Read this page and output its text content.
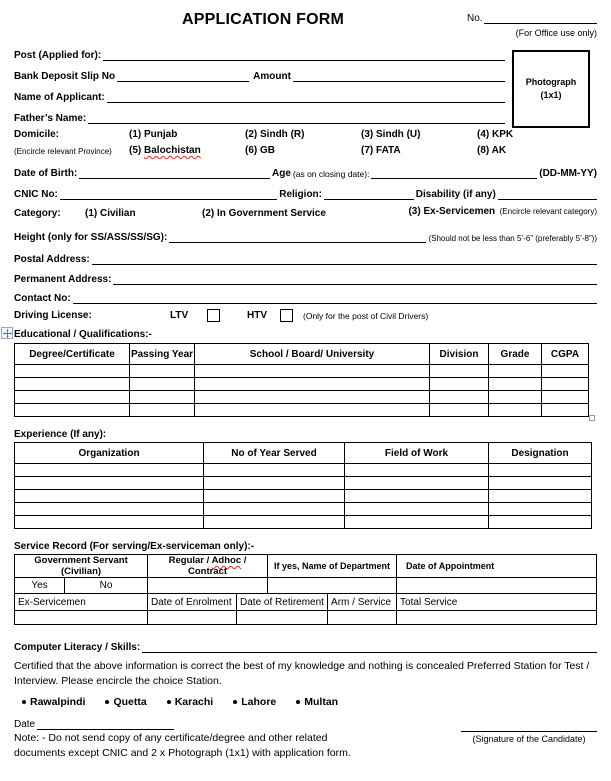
APPLICATION FORM	No.
(For Office use only)
Photograph
(1x1)
Post (Applied for):
Bank Deposit Slip No	Amount
Name of Applicant:
Father’s Name:
Domicile:	(1) Punjab	(2) Sindh (R)	(3) Sindh (U)	(4) KPK
(Encircle relevant Province) (5) Balochistan	(6) GB	(7) FATA	(8) AK
Date of Birth:	Age (as on closing date):	(DD-MM-YY)
CNIC No:	Religion:	Disability (if any)
Category: (1) Civilian	(2) In Government Service	(3) Ex-Servicemen (Encircle relevant category)
Height (only for SS/ASS/SS/SG):	(Should not be less than 5’-6” (preferably 5’-8”))
Postal Address:
Permanent Address:
Contact No:
Driving License:	LTV	HTV	(Only for the post of Civil Drivers)
Educational / Qualifications:-
Degree/Certificate	Passing Year	School / Board/ University	Division	Grade	CGPA

Experience (If any):
Organization	No of Year Served	Field of Work	Designation

Service Record (For serving/Ex-serviceman only):-
Government Servant (Civilian)		Regular / Adhoc / Contract		If yes, Name of Department		Date of Appointment
Yes	No					
Ex-Servicemen		Date of Enrolment	Date of Retirement		Arm / Service	Total Service

Computer Literacy / Skills:
Certified that the above information is correct the best of my knowledge and nothing is concealed Preferred Station for Test / Interview. Please encircle the choice Station.
Rawalpindi	Quetta	Karachi	Lahore	Multan
Date
Note: - Do not send copy of any certificate/degree and other related
documents except CNIC and 2 x Photograph (1x1) with application form.
(Signature of the Candidate)
